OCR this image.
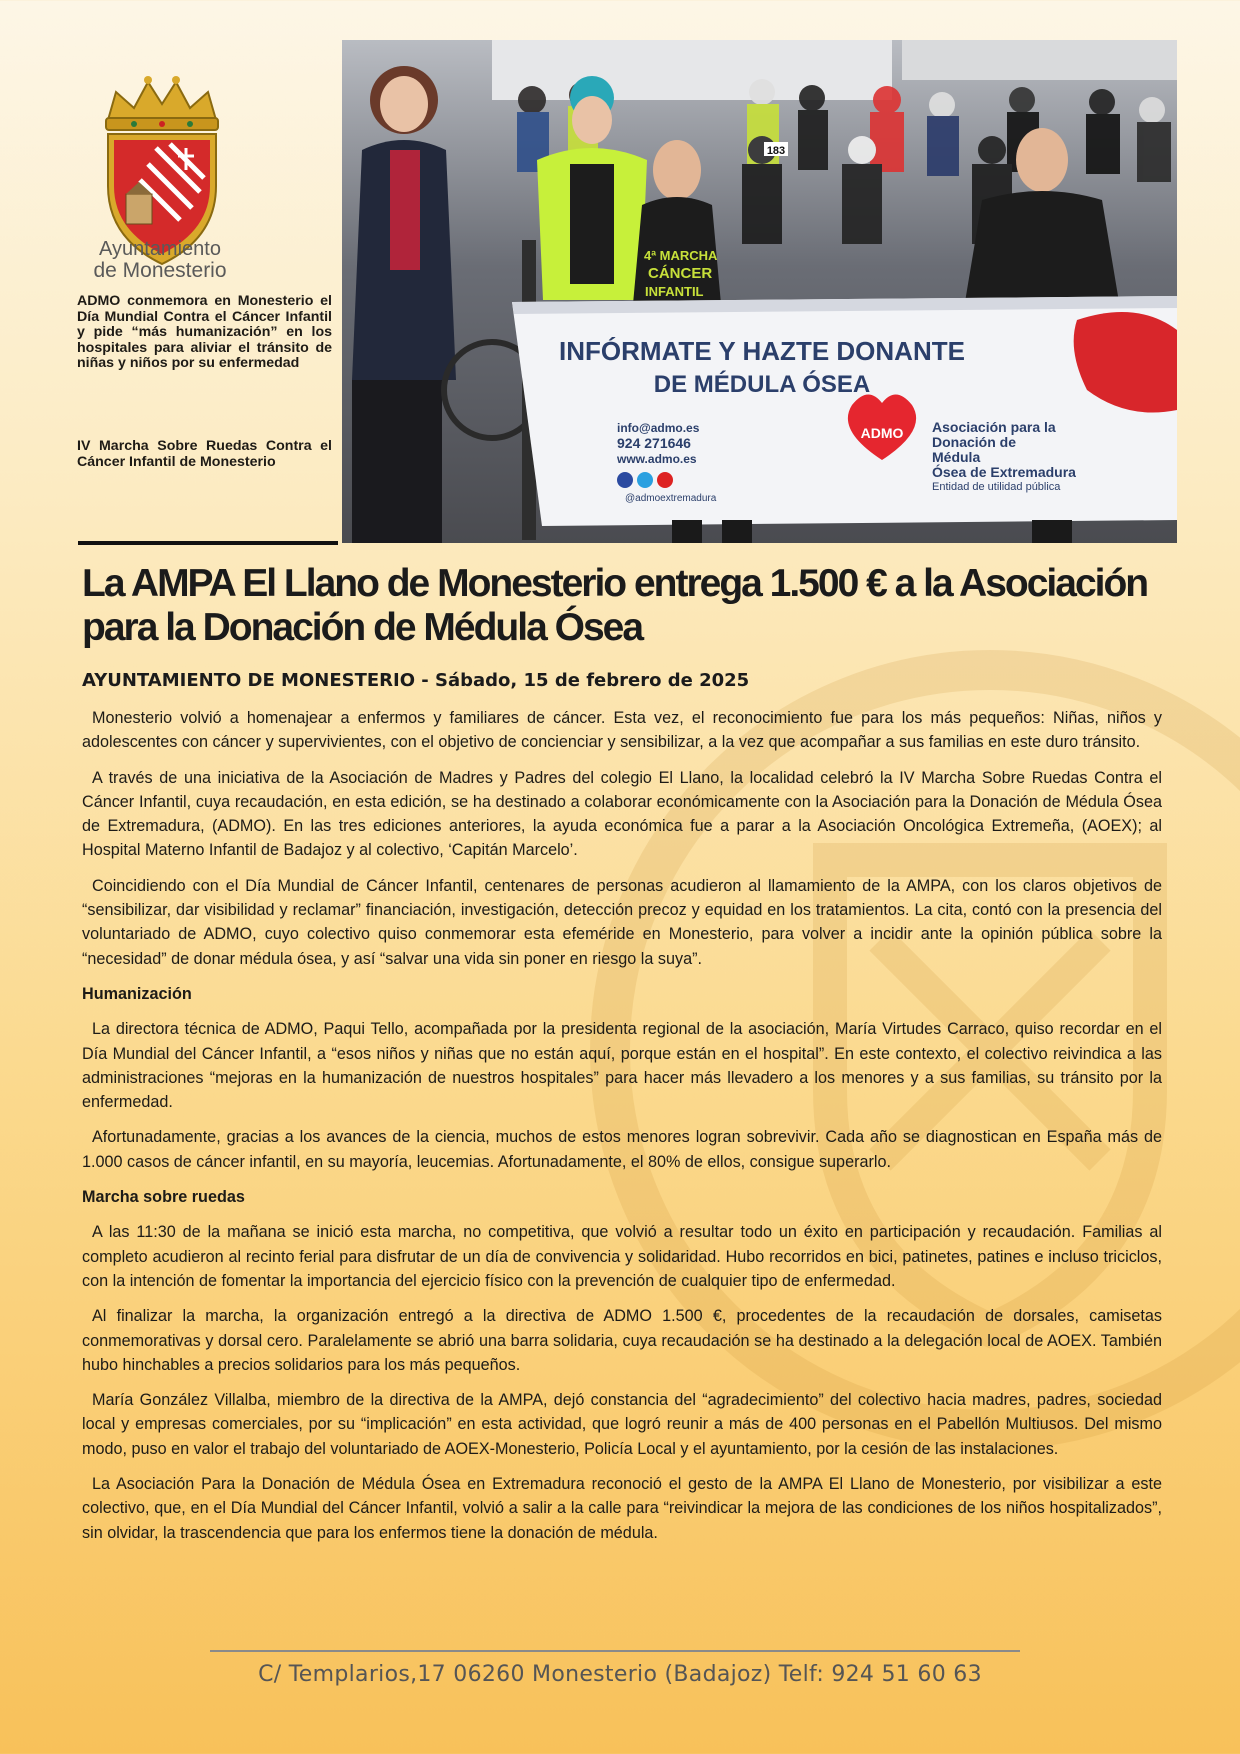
Ayuntamiento
de Monesterio

ADMO conmemora en Monesterio el Día Mundial Contra el Cáncer Infantil y pide “más humanización” en los hospitales para aliviar el tránsito de niñas y niños por su enfermedad

IV Marcha Sobre Ruedas Contra el Cáncer Infantil de Monesterio

4ª MARCHA
CÁNCER
INFANTIL
183
INFÓRMATE Y HAZTE DONANTE
DE MÉDULA ÓSEA
info@admo.es
924 271646
www.admo.es
@admoextremadura
ADMO Asociación para la
Donación de
Médula
Ósea de Extremadura
Entidad de utilidad pública
La AMPA El Llano de Monesterio entrega 1.500 € a la Asociación para la Donación de Médula Ósea

AYUNTAMIENTO DE MONESTERIO - Sábado, 15 de febrero de 2025

Monesterio volvió a homenajear a enfermos y familiares de cáncer. Esta vez, el reconocimiento fue para los más pequeños: Niñas, niños y adolescentes con cáncer y supervivientes, con el objetivo de concienciar y sensibilizar, a la vez que acompañar a sus familias en este duro tránsito.

A través de una iniciativa de la Asociación de Madres y Padres del colegio El Llano, la localidad celebró la IV Marcha Sobre Ruedas Contra el Cáncer Infantil, cuya recaudación, en esta edición, se ha destinado a colaborar económicamente con la Asociación para la Donación de Médula Ósea de Extremadura, (ADMO). En las tres ediciones anteriores, la ayuda económica fue a parar a la Asociación Oncológica Extremeña, (AOEX); al Hospital Materno Infantil de Badajoz y al colectivo, ‘Capitán Marcelo’.

Coincidiendo con el Día Mundial de Cáncer Infantil, centenares de personas acudieron al llamamiento de la AMPA, con los claros objetivos de “sensibilizar, dar visibilidad y reclamar” financiación, investigación, detección precoz y equidad en los tratamientos. La cita, contó con la presencia del voluntariado de ADMO, cuyo colectivo quiso conmemorar esta efeméride en Monesterio, para volver a incidir ante la opinión pública sobre la “necesidad” de donar médula ósea, y así “salvar una vida sin poner en riesgo la suya”.

Humanización

La directora técnica de ADMO, Paqui Tello, acompañada por la presidenta regional de la asociación, María Virtudes Carraco, quiso recordar en el Día Mundial del Cáncer Infantil, a “esos niños y niñas que no están aquí, porque están en el hospital”. En este contexto, el colectivo reivindica a las administraciones “mejoras en la humanización de nuestros hospitales” para hacer más llevadero a los menores y a sus familias, su tránsito por la enfermedad.

Afortunadamente, gracias a los avances de la ciencia, muchos de estos menores logran sobrevivir. Cada año se diagnostican en España más de 1.000 casos de cáncer infantil, en su mayoría, leucemias. Afortunadamente, el 80% de ellos, consigue superarlo.

Marcha sobre ruedas

A las 11:30 de la mañana se inició esta marcha, no competitiva, que volvió a resultar todo un éxito en participación y recaudación. Familias al completo acudieron al recinto ferial para disfrutar de un día de convivencia y solidaridad. Hubo recorridos en bici, patinetes, patines e incluso triciclos, con la intención de fomentar la importancia del ejercicio físico con la prevención de cualquier tipo de enfermedad.

Al finalizar la marcha, la organización entregó a la directiva de ADMO 1.500 €, procedentes de la recaudación de dorsales, camisetas conmemorativas y dorsal cero. Paralelamente se abrió una barra solidaria, cuya recaudación se ha destinado a la delegación local de AOEX. También hubo hinchables a precios solidarios para los más pequeños.

María González Villalba, miembro de la directiva de la AMPA, dejó constancia del “agradecimiento” del colectivo hacia madres, padres, sociedad local y empresas comerciales, por su “implicación” en esta actividad, que logró reunir a más de 400 personas en el Pabellón Multiusos. Del mismo modo, puso en valor el trabajo del voluntariado de AOEX-Monesterio, Policía Local y el ayuntamiento, por la cesión de las instalaciones.

La Asociación Para la Donación de Médula Ósea en Extremadura reconoció el gesto de la AMPA El Llano de Monesterio, por visibilizar a este colectivo, que, en el Día Mundial del Cáncer Infantil, volvió a salir a la calle para “reivindicar la mejora de las condiciones de los niños hospitalizados”, sin olvidar, la trascendencia que para los enfermos tiene la donación de médula.

C/ Templarios,17 06260 Monesterio (Badajoz) Telf: 924 51 60 63
